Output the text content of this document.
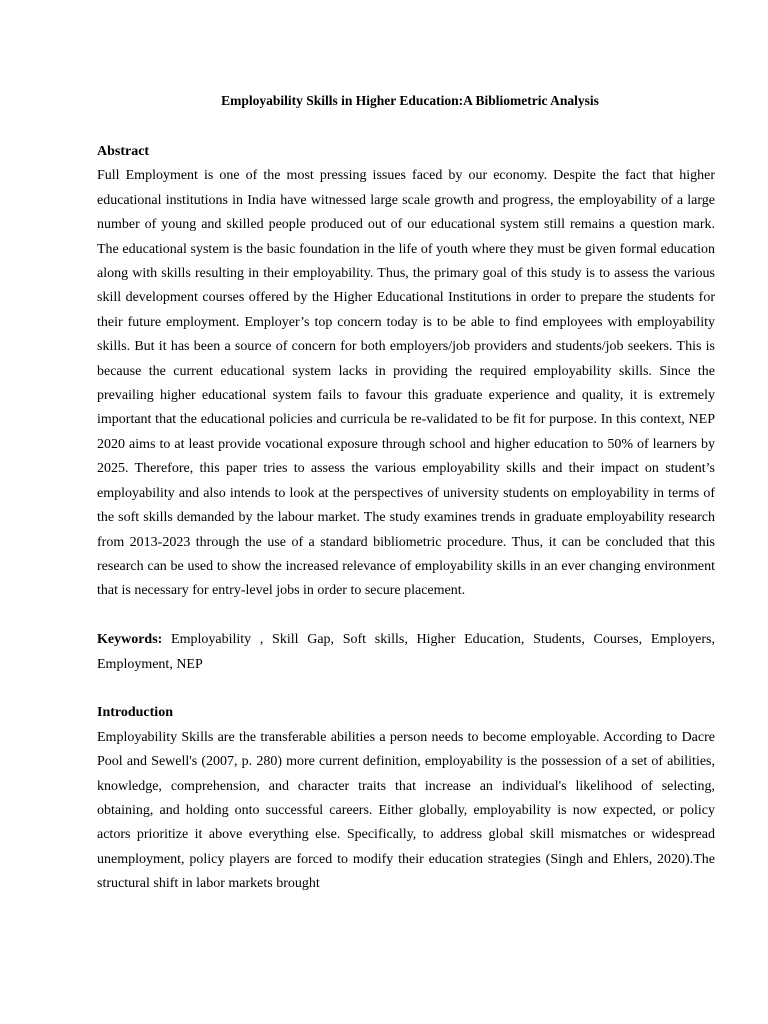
Employability Skills in Higher Education:A Bibliometric Analysis

Abstract

Full Employment is one of the most pressing issues faced by our economy. Despite the fact that higher educational institutions in India have witnessed large scale growth and progress, the employability of a large number of young and skilled people produced out of our educational system still remains a question mark. The educational system is the basic foundation in the life of youth where they must be given formal education along with skills resulting in their employability. Thus, the primary goal of this study is to assess the various skill development courses offered by the Higher Educational Institutions in order to prepare the students for their future employment. Employer’s top concern today is to be able to find employees with employability skills. But it has been a source of concern for both employers/job providers and students/job seekers. This is because the current educational system lacks in providing the required employability skills. Since the prevailing higher educational system fails to favour this graduate experience and quality, it is extremely important that the educational policies and curricula be re-validated to be fit for purpose. In this context, NEP 2020 aims to at least provide vocational exposure through school and higher education to 50% of learners by 2025. Therefore, this paper tries to assess the various employability skills and their impact on student’s employability and also intends to look at the perspectives of university students on employability in terms of the soft skills demanded by the labour market. The study examines trends in graduate employability research from 2013-2023 through the use of a standard bibliometric procedure. Thus, it can be concluded that this research can be used to show the increased relevance of employability skills in an ever changing environment that is necessary for entry-level jobs in order to secure placement.

Keywords: Employability , Skill Gap, Soft skills, Higher Education, Students, Courses, Employers, Employment, NEP

Introduction

Employability Skills are the transferable abilities a person needs to become employable. According to Dacre Pool and Sewell's (2007, p. 280) more current definition, employability is the possession of a set of abilities, knowledge, comprehension, and character traits that increase an individual's likelihood of selecting, obtaining, and holding onto successful careers. Either globally, employability is now expected, or policy actors prioritize it above everything else. Specifically, to address global skill mismatches or widespread unemployment, policy players are forced to modify their education strategies (Singh and Ehlers, 2020).The structural shift in labor markets brought
